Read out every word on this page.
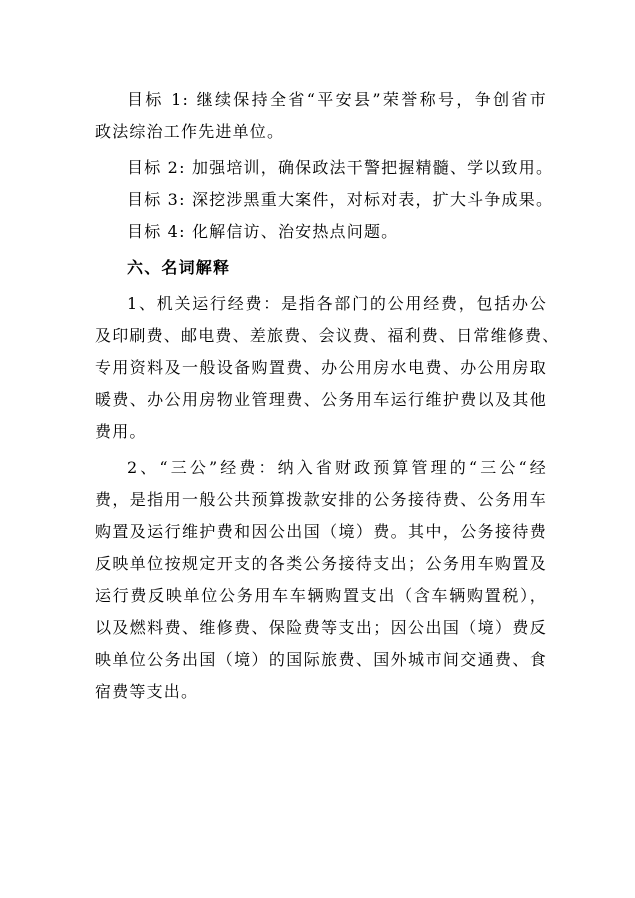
目标 1: 继续保持全省“平安县”荣誉称号，争创省市
政法综治工作先进单位。
目标 2: 加强培训，确保政法干警把握精髓、学以致用。
目标 3: 深挖涉黑重大案件，对标对表，扩大斗争成果。
目标 4: 化解信访、治安热点问题。
六、名词解释
1、机关运行经费：是指各部门的公用经费，包括办公
及印刷费、邮电费、差旅费、会议费、福利费、日常维修费、
专用资料及一般设备购置费、办公用房水电费、办公用房取
暖费、办公用房物业管理费、公务用车运行维护费以及其他
费用。
2、“三公”经费：纳入省财政预算管理的“三公“经
费，是指用一般公共预算拨款安排的公务接待费、公务用车
购置及运行维护费和因公出国（境）费。其中，公务接待费
反映单位按规定开支的各类公务接待支出；公务用车购置及
运行费反映单位公务用车车辆购置支出（含车辆购置税），
以及燃料费、维修费、保险费等支出；因公出国（境）费反
映单位公务出国（境）的国际旅费、国外城市间交通费、食
宿费等支出。
